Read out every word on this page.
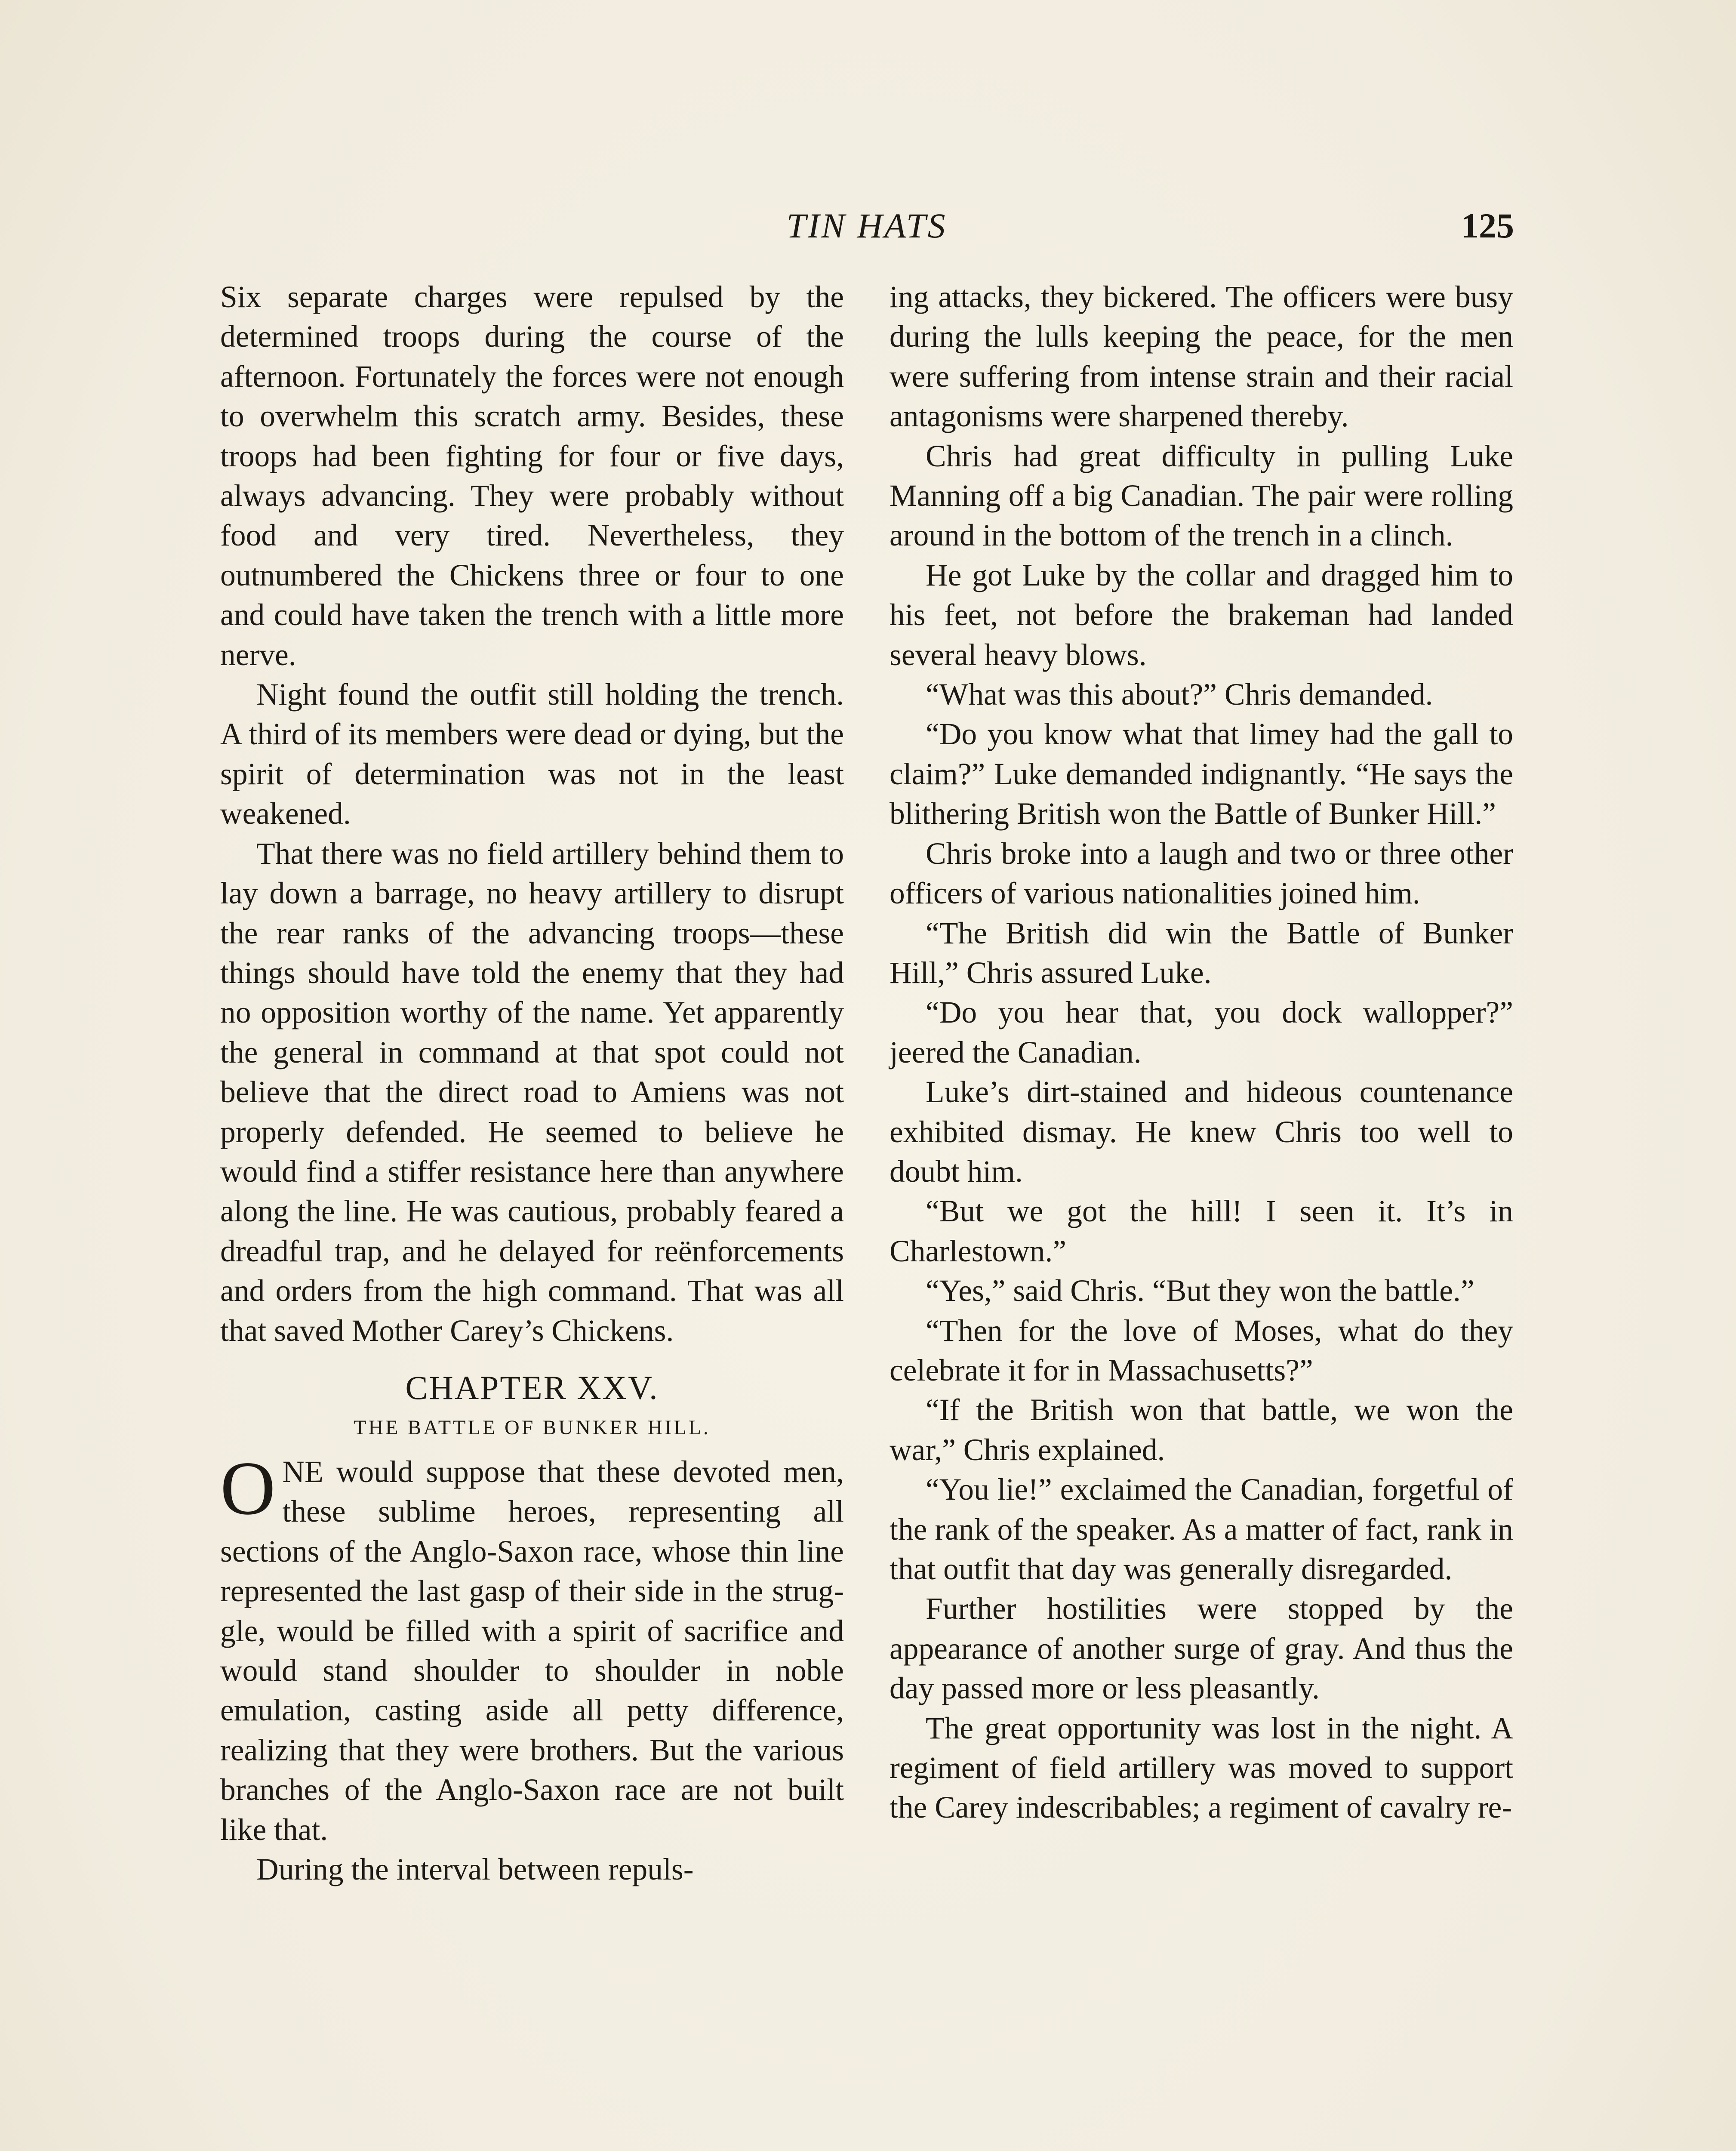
TIN HATS	125

Six separate charges were repulsed by the determined troops during the course of the afternoon. Fortunately the forces were not enough to overwhelm this scratch army. Besides, these troops had been fighting for four or five days, always advancing. They were probably without food and very tired. Nevertheless, they outnumbered the Chickens three or four to one and could have taken the trench with a little more nerve.

Night found the outfit still holding the trench. A third of its members were dead or dying, but the spirit of determination was not in the least weakened.

That there was no field artillery behind them to lay down a barrage, no heavy artillery to disrupt the rear ranks of the advancing troops—these things should have told the enemy that they had no opposition worthy of the name. Yet apparently the general in command at that spot could not believe that the direct road to Amiens was not properly defended. He seemed to believe he would find a stiffer resistance here than anywhere along the line. He was cautious, probably feared a dreadful trap, and he delayed for reënforcements and orders from the high command. That was all that saved Mother Carey’s Chickens.

CHAPTER XXV.
THE BATTLE OF BUNKER HILL.

ONE would suppose that these devoted men, these sublime heroes, representing all sections of the Anglo-Saxon race, whose thin line represented the last gasp of their side in the struggle, would be filled with a spirit of sacrifice and would stand shoulder to shoulder in noble emulation, casting aside all petty difference, realizing that they were brothers. But the various branches of the Anglo-Saxon race are not built like that.

During the interval between repuls-

ing attacks, they bickered. The officers were busy during the lulls keeping the peace, for the men were suffering from intense strain and their racial antagonisms were sharpened thereby.

Chris had great difficulty in pulling Luke Manning off a big Canadian. The pair were rolling around in the bottom of the trench in a clinch.

He got Luke by the collar and dragged him to his feet, not before the brakeman had landed several heavy blows.

“What was this about?” Chris demanded.

“Do you know what that limey had the gall to claim?” Luke demanded indignantly. “He says the blithering British won the Battle of Bunker Hill.”

Chris broke into a laugh and two or three other officers of various nationalities joined him.

“The British did win the Battle of Bunker Hill,” Chris assured Luke.

“Do you hear that, you dock wallopper?” jeered the Canadian.

Luke’s dirt-stained and hideous countenance exhibited dismay. He knew Chris too well to doubt him.

“But we got the hill! I seen it. It’s in Charlestown.”

“Yes,” said Chris. “But they won the battle.”

“Then for the love of Moses, what do they celebrate it for in Massachusetts?”

“If the British won that battle, we won the war,” Chris explained.

“You lie!” exclaimed the Canadian, forgetful of the rank of the speaker. As a matter of fact, rank in that outfit that day was generally disregarded.

Further hostilities were stopped by the appearance of another surge of gray. And thus the day passed more or less pleasantly.

The great opportunity was lost in the night. A regiment of field artillery was moved to support the Carey indescribables; a regiment of cavalry re-
